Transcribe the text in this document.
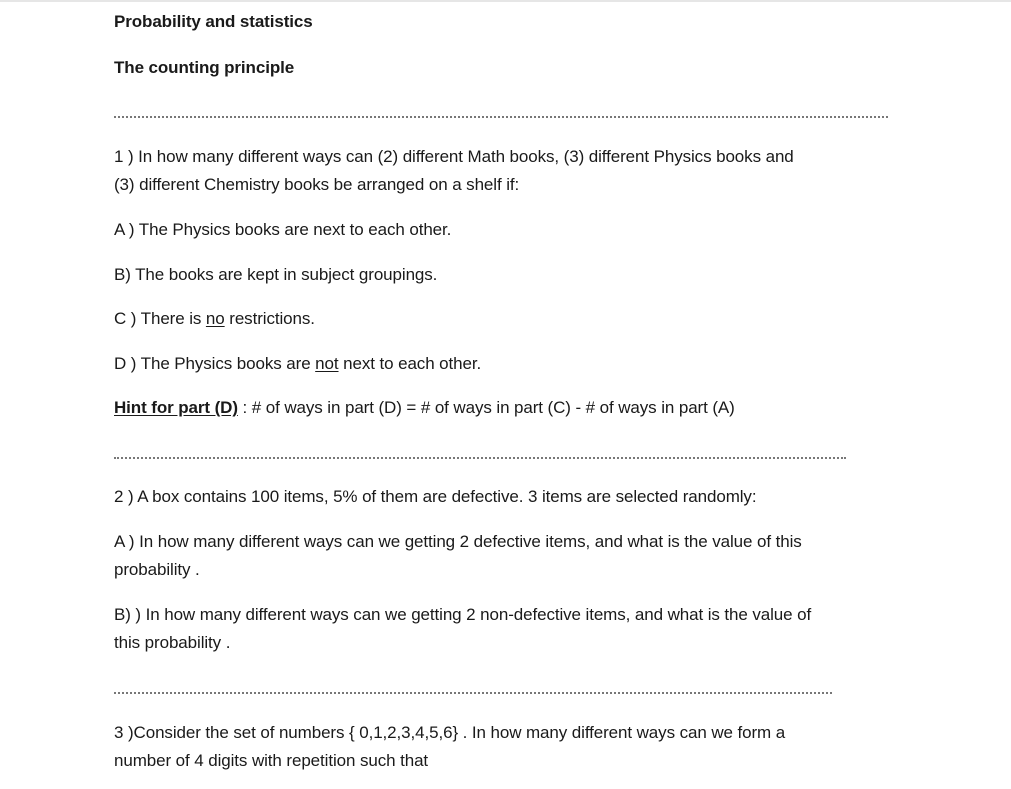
Probability and statistics
The counting principle
1 ) In how many different ways can (2) different Math books, (3) different Physics books and
(3) different Chemistry books be arranged on a shelf if:
A ) The Physics books are next to each other.
B) The books are kept in subject groupings.
C ) There is no restrictions.
D ) The Physics books are not next to each other.
Hint for part (D) : # of ways in part (D) = # of ways in part (C) - # of ways in part (A)
2 ) A box contains 100 items, 5% of them are defective. 3 items are selected randomly:
A ) In how many different ways can we getting 2 defective items, and what is the value of this
probability .
B) ) In how many different ways can we getting 2 non-defective items, and what is the value of
this probability .
3 )Consider the set of numbers { 0,1,2,3,4,5,6} . In how many different ways can we form a
number of 4 digits with repetition such that
